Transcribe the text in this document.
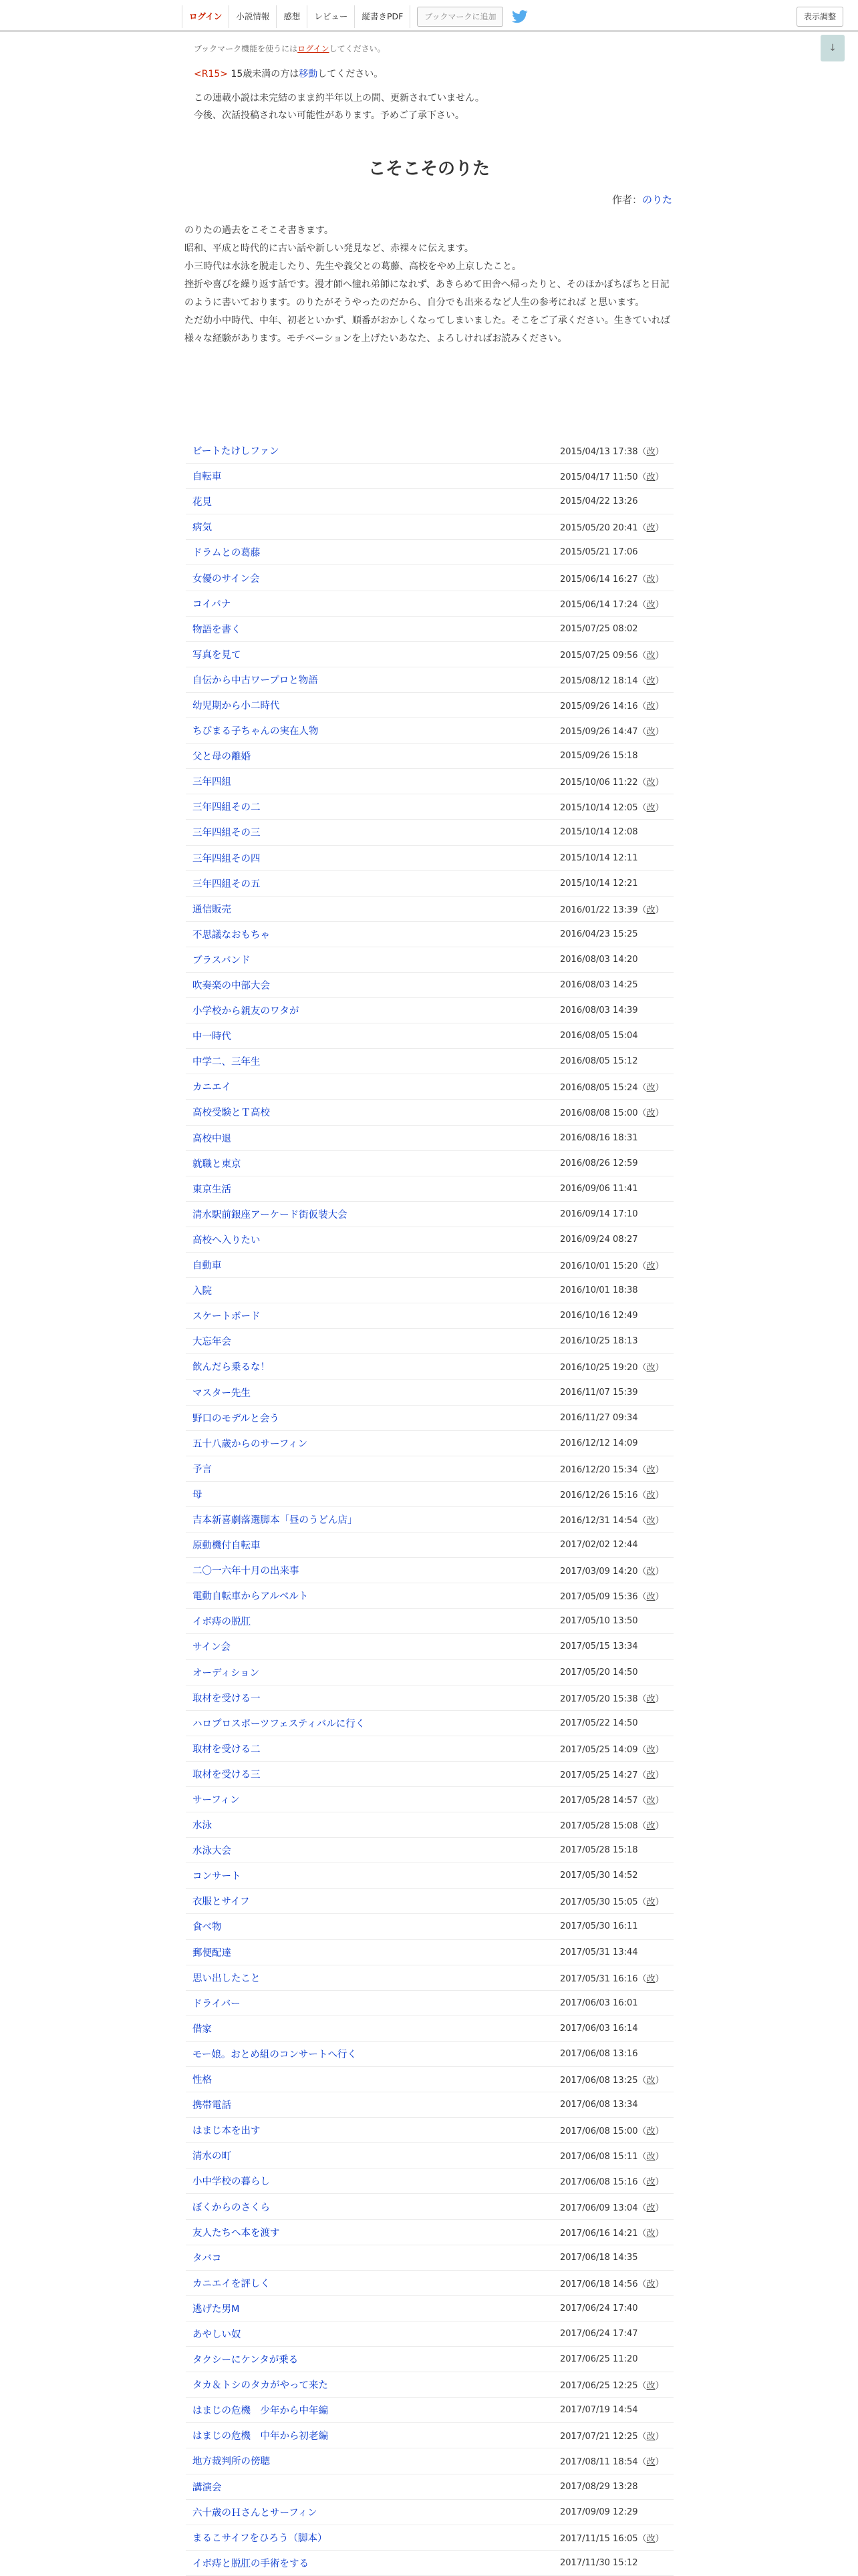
ログイン	小説情報	感想	レビュー	縦書きPDF	ブックマークに追加	表示調整
↓
ブックマーク機能を使うにはログインしてください。
<R15> 15歳未満の方は移動してください。
この連載小説は未完結のまま約半年以上の間、更新されていません。
今後、次話投稿されない可能性があります。予めご了承下さい。
こそこそのりた
作者：のりた

のりたの過去をこそこそ書きます。

昭和、平成と時代的に古い話や新しい発見など、赤裸々に伝えます。

小三時代は水泳を脱走したり、先生や義父との葛藤、高校をやめ上京したこと。

挫折や喜びを繰り返す話です。漫才師へ憧れ弟師になれず、あきらめて田舎へ帰ったりと、そのほかぼちぼちと日記のように書いております。のりたがそうやったのだから、自分でも出来るなど人生の参考にれば と思います。

ただ幼小中時代、中年、初老といかず、順番がおかしくなってしまいました。そこをご了承ください。生きていれば様々な経験があります。モチベーションを上げたいあなた、よろしければお読みください。

ビートたけしファン	2015/04/13 17:38（改）
自転車	2015/04/17 11:50（改）
花見	2015/04/22 13:26
病気	2015/05/20 20:41（改）
ドラムとの葛藤	2015/05/21 17:06
女優のサイン会	2015/06/14 16:27（改）
コイバナ	2015/06/14 17:24（改）
物語を書く	2015/07/25 08:02
写真を見て	2015/07/25 09:56（改）
自伝から中古ワープロと物語	2015/08/12 18:14（改）
幼児期から小二時代	2015/09/26 14:16（改）
ちびまる子ちゃんの実在人物	2015/09/26 14:47（改）
父と母の離婚	2015/09/26 15:18
三年四組	2015/10/06 11:22（改）
三年四組その二	2015/10/14 12:05（改）
三年四組その三	2015/10/14 12:08
三年四組その四	2015/10/14 12:11
三年四組その五	2015/10/14 12:21
通信販売	2016/01/22 13:39（改）
不思議なおもちゃ	2016/04/23 15:25
ブラスバンド	2016/08/03 14:20
吹奏楽の中部大会	2016/08/03 14:25
小学校から親友のワタが	2016/08/03 14:39
中一時代	2016/08/05 15:04
中学二、三年生	2016/08/05 15:12
カニエイ	2016/08/05 15:24（改）
高校受験とＴ高校	2016/08/08 15:00（改）
高校中退	2016/08/16 18:31
就職と東京	2016/08/26 12:59
東京生活	2016/09/06 11:41
清水駅前銀座アーケード街仮装大会	2016/09/14 17:10
高校へ入りたい	2016/09/24 08:27
自動車	2016/10/01 15:20（改）
入院	2016/10/01 18:38
スケートボード	2016/10/16 12:49
大忘年会	2016/10/25 18:13
飲んだら乗るな！	2016/10/25 19:20（改）
マスター先生	2016/11/07 15:39
野口のモデルと会う	2016/11/27 09:34
五十八歳からのサーフィン	2016/12/12 14:09
予言	2016/12/20 15:34（改）
母	2016/12/26 15:16（改）
吉本新喜劇落選脚本「昼のうどん店」	2016/12/31 14:54（改）
原動機付自転車	2017/02/02 12:44
二〇一六年十月の出来事	2017/03/09 14:20（改）
電動自転車からアルベルト	2017/05/09 15:36（改）
イボ痔の脱肛	2017/05/10 13:50
サイン会	2017/05/15 13:34
オーディション	2017/05/20 14:50
取材を受ける一	2017/05/20 15:38（改）
ハロプロスポーツフェスティバルに行く	2017/05/22 14:50
取材を受ける二	2017/05/25 14:09（改）
取材を受ける三	2017/05/25 14:27（改）
サーフィン	2017/05/28 14:57（改）
水泳	2017/05/28 15:08（改）
水泳大会	2017/05/28 15:18
コンサート	2017/05/30 14:52
衣服とサイフ	2017/05/30 15:05（改）
食べ物	2017/05/30 16:11
郵便配達	2017/05/31 13:44
思い出したこと	2017/05/31 16:16（改）
ドライバー	2017/06/03 16:01
借家	2017/06/03 16:14
モー娘。おとめ組のコンサートへ行く	2017/06/08 13:16
性格	2017/06/08 13:25（改）
携帯電話	2017/06/08 13:34
はまじ本を出す	2017/06/08 15:00（改）
清水の町	2017/06/08 15:11（改）
小中学校の暮らし	2017/06/08 15:16（改）
ぼくからのさくら	2017/06/09 13:04（改）
友人たちへ本を渡す	2017/06/16 14:21（改）
タバコ	2017/06/18 14:35
カニエイを評しく	2017/06/18 14:56（改）
逃げた男M	2017/06/24 17:40
あやしい奴	2017/06/24 17:47
タクシーにケンタが乗る	2017/06/25 11:20
タカ＆トシのタカがやって来た	2017/06/25 12:25（改）
はまじの危機　少年から中年編	2017/07/19 14:54
はまじの危機　中年から初老編	2017/07/21 12:25（改）
地方裁判所の傍聴	2017/08/11 18:54（改）
講演会	2017/08/29 13:28
六十歳のＨさんとサーフィン	2017/09/09 12:29
まるこサイフをひろう（脚本）	2017/11/15 16:05（改）
イボ痔と脱肛の手術をする	2017/11/30 15:12
